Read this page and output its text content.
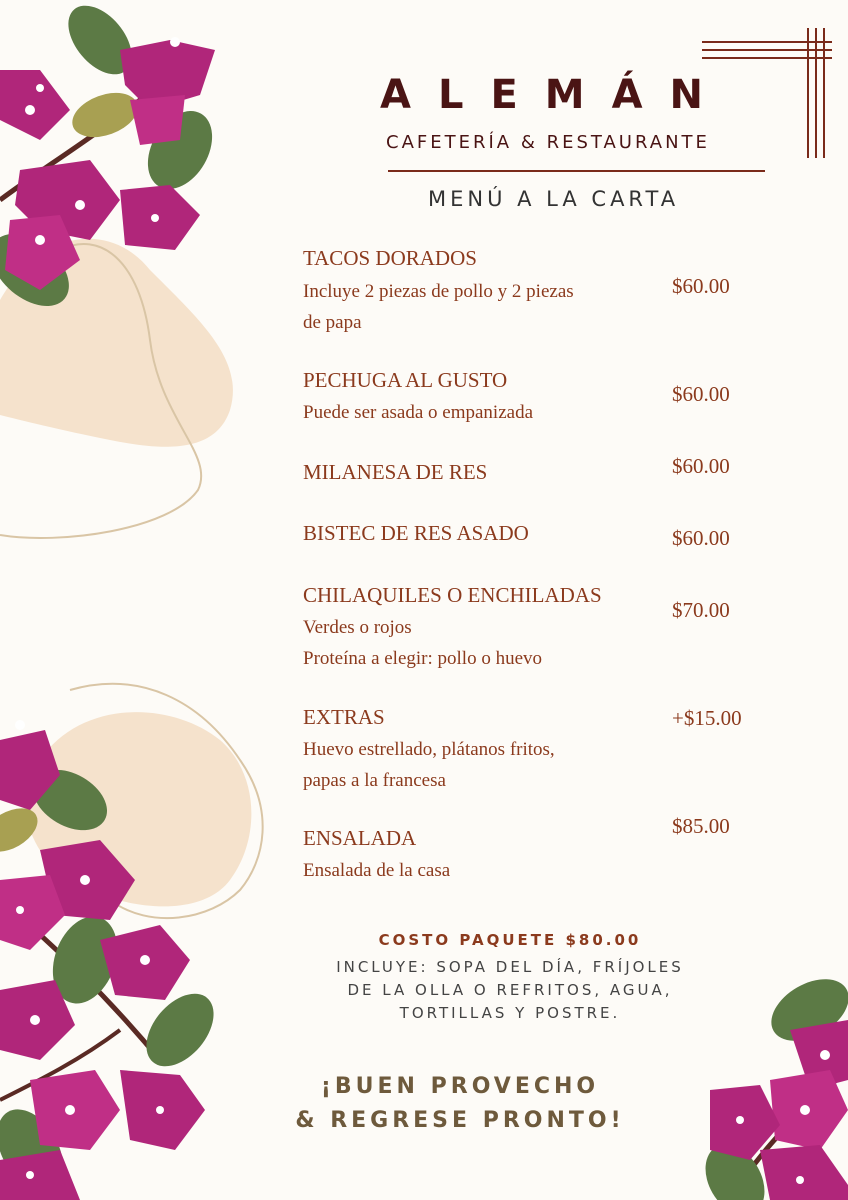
ALEMÁN
CAFETERÍA & RESTAURANTE
MENÚ A LA CARTA
TACOS DORADOS
Incluye 2 piezas de pollo y 2 piezas
de papa
$60.00
PECHUGA AL GUSTO
Puede ser asada o empanizada
$60.00
MILANESA DE RES	$60.00
BISTEC DE RES ASADO	$60.00
CHILAQUILES O ENCHILADAS
Verdes o rojos
Proteína a elegir: pollo o huevo
$70.00
EXTRAS
Huevo estrellado, plátanos fritos,
papas a la francesa
+$15.00
ENSALADA
Ensalada de la casa
$85.00
COSTO PAQUETE $80.00
INCLUYE: SOPA DEL DÍA, FRÍJOLES
DE LA OLLA O REFRITOS, AGUA,
TORTILLAS Y POSTRE.
¡BUEN PROVECHO
& REGRESE PRONTO!
